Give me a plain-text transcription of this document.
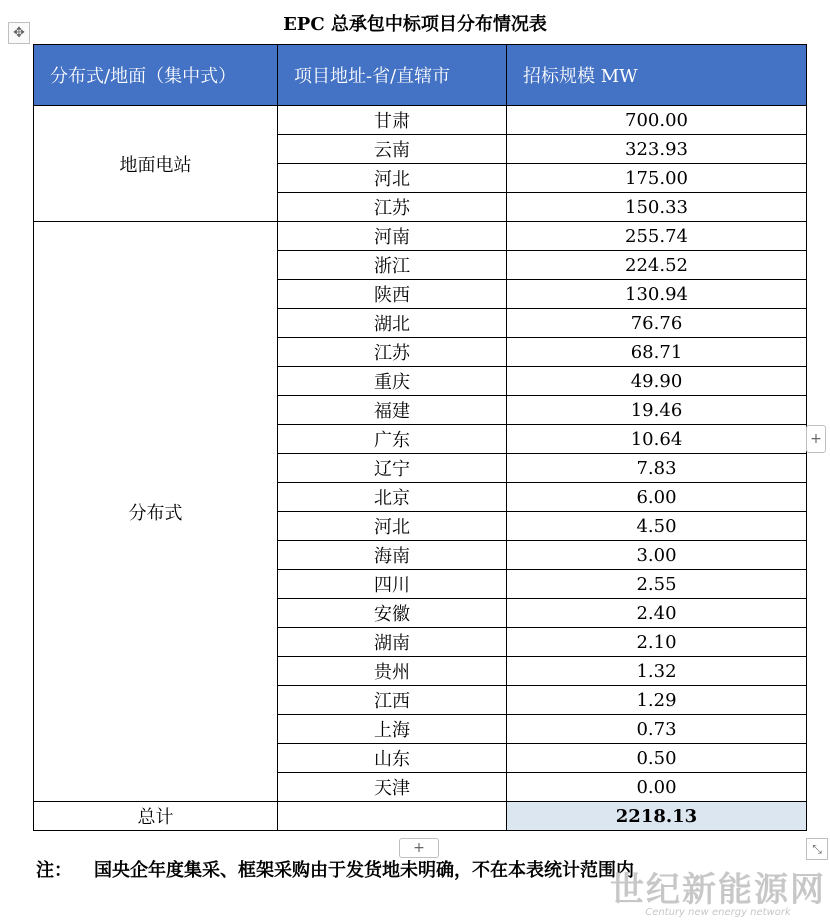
✥	EPC 总承包中标项目分布情况表
分布式/地面（集中式）	项目地址-省/直辖市	招标规模 MW
地面电站	甘肃	700.00
	云南	323.93
	河北	175.00
	江苏	150.33
分布式	河南	255.74
	浙江	224.52
	陕西	130.94
	湖北	76.76
	江苏	68.71
	重庆	49.90
	福建	19.46
	广东	10.64
	辽宁	7.83
	北京	6.00
	河北	4.50
	海南	3.00
	四川	2.55
	安徽	2.40
	湖南	2.10
	贵州	1.32
	江西	1.29
	上海	0.73
	山东	0.50
	天津	0.00
总计		2218.13
+
+	⤡
注： 国央企年度集采、框架采购由于发货地未明确，不在本表统计范围内
世纪新能源网
Century new energy network
